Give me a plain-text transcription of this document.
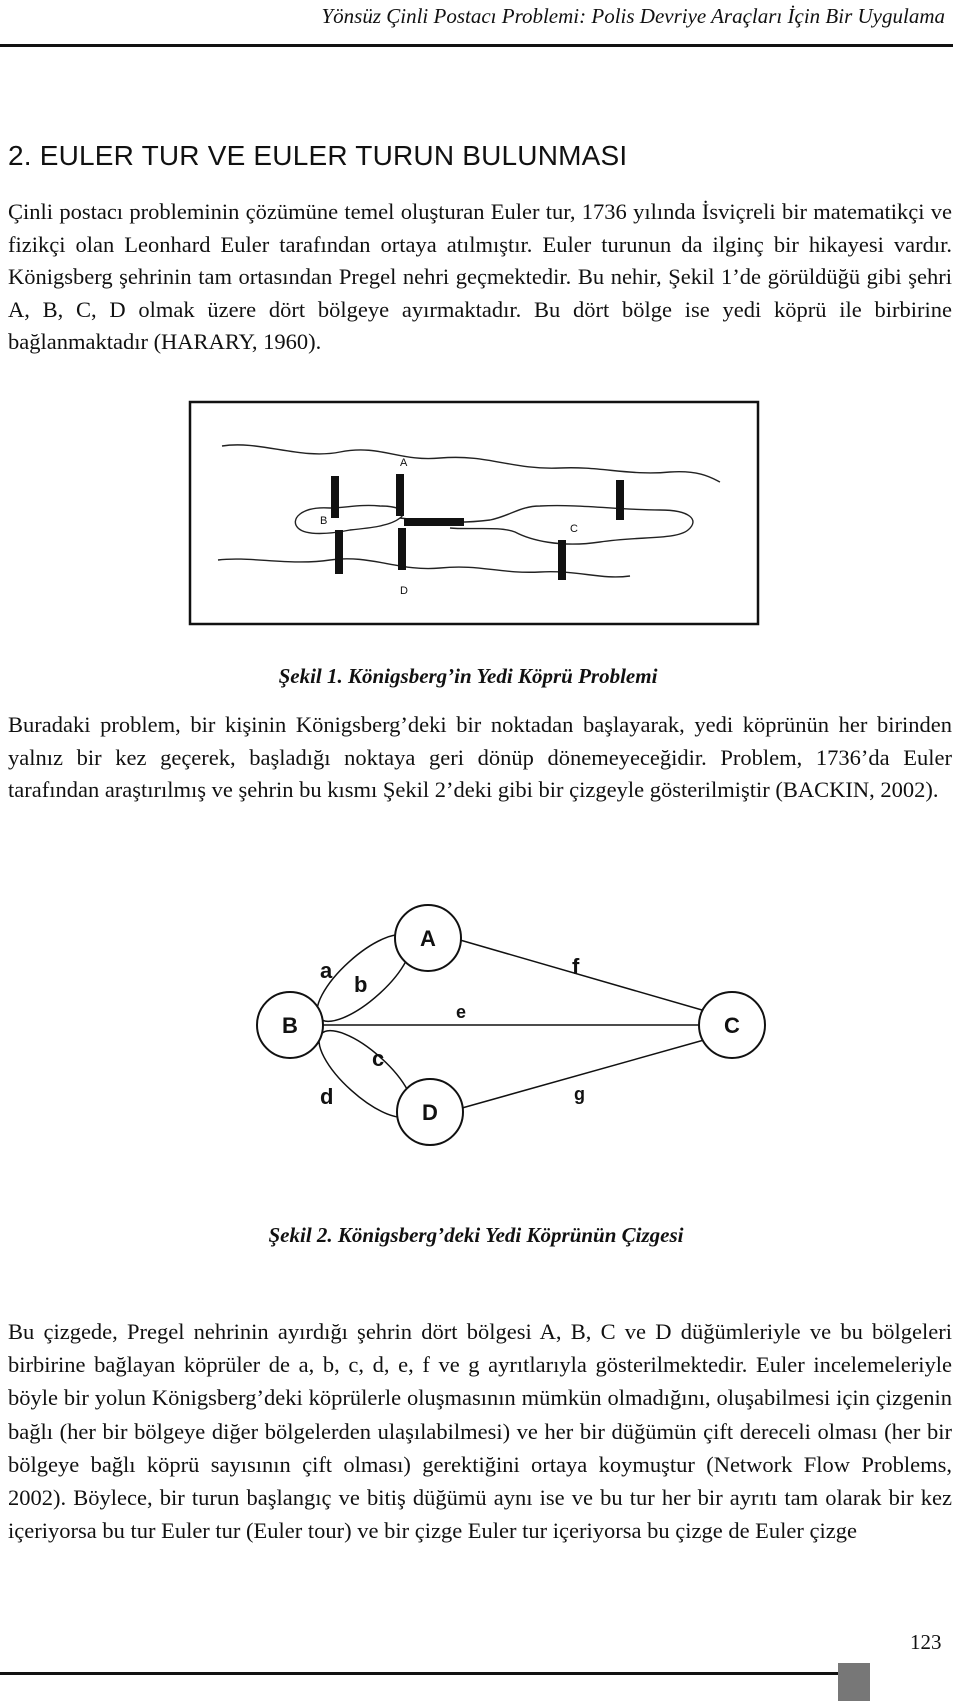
Yönsüz Çinli Postacı Problemi: Polis Devriye Araçları İçin Bir Uygulama
2. EULER TUR VE EULER TURUN BULUNMASI

Çinli postacı probleminin çözümüne temel oluşturan Euler tur, 1736 yılında İsviçreli bir matematikçi ve fizikçi olan Leonhard Euler tarafından ortaya atılmıştır. Euler turunun da ilginç bir hikayesi vardır. Königsberg şehrinin tam ortasından Pregel nehri geçmektedir. Bu nehir, Şekil 1’de görüldüğü gibi şehri A, B, C, D olmak üzere dört bölgeye ayırmaktadır. Bu dört bölge ise yedi köprü ile birbirine bağlanmaktadır (HARARY, 1960).

A
B
C
D

Şekil 1. Königsberg’in Yedi Köprü Problemi

Buradaki problem, bir kişinin Königsberg’deki bir noktadan başlayarak, yedi köprünün her birinden yalnız bir kez geçerek, başladığı noktaya geri dönüp dönemeyeceğidir. Problem, 1736’da Euler tarafından araştırılmış ve şehrin bu kısmı Şekil 2’deki gibi bir çizgeyle gösterilmiştir (BACKIN, 2002).

A
B	C
D
a
b
c
d
e
f
g

Şekil 2. Königsberg’deki Yedi Köprünün Çizgesi

Bu çizgede, Pregel nehrinin ayırdığı şehrin dört bölgesi A, B, C ve D düğümleriyle ve bu bölgeleri birbirine bağlayan köprüler de a, b, c, d, e, f ve g ayrıtlarıyla gösterilmektedir. Euler incelemeleriyle böyle bir yolun Königsberg’deki köprülerle oluşmasının mümkün olmadığını, oluşabilmesi için çizgenin bağlı (her bir bölgeye diğer bölgelerden ulaşılabilmesi) ve her bir düğümün çift dereceli olması (her bir bölgeye bağlı köprü sayısının çift olması) gerektiğini ortaya koymuştur (Network Flow Problems, 2002). Böylece, bir turun başlangıç ve bitiş düğümü aynı ise ve bu tur her bir ayrıtı tam olarak bir kez içeriyorsa bu tur Euler tur (Euler tour) ve bir çizge Euler tur içeriyorsa bu çizge de Euler çizge

123
